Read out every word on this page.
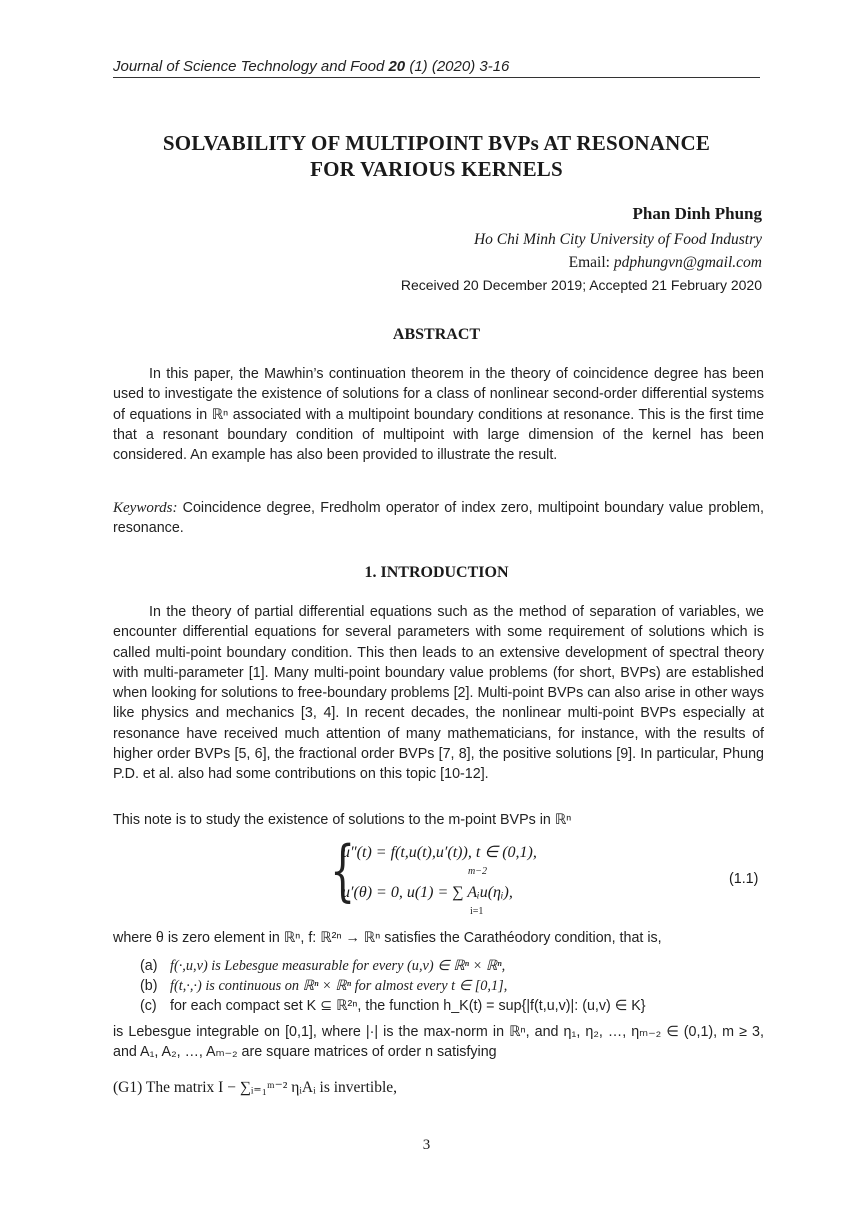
Journal of Science Technology and Food 20 (1) (2020) 3-16
SOLVABILITY OF MULTIPOINT BVPs AT RESONANCE
FOR VARIOUS KERNELS
Phan Dinh Phung
Ho Chi Minh City University of Food Industry
Email: pdphungvn@gmail.com
Received 20 December 2019; Accepted 21 February 2020
ABSTRACT
In this paper, the Mawhin’s continuation theorem in the theory of coincidence degree has been used to investigate the existence of solutions for a class of nonlinear second-order differential systems of equations in ℝⁿ associated with a multipoint boundary conditions at resonance. This is the first time that a resonant boundary condition of multipoint with large dimension of the kernel has been considered. An example has also been provided to illustrate the result.
Keywords: Coincidence degree, Fredholm operator of index zero, multipoint boundary value problem, resonance.
1. INTRODUCTION
In the theory of partial differential equations such as the method of separation of variables, we encounter differential equations for several parameters with some requirement of solutions which is called multi-point boundary condition. This then leads to an extensive development of spectral theory with multi-parameter [1]. Many multi-point boundary value problems (for short, BVPs) are established when looking for solutions to free-boundary problems [2]. Multi-point BVPs can also arise in other ways like physics and mechanics [3, 4]. In recent decades, the nonlinear multi-point BVPs especially at resonance have received much attention of many mathematicians, for instance, with the results of higher order BVPs [5, 6], the fractional order BVPs [7, 8], the positive solutions [9]. In particular, Phung P.D. et al. also had some contributions on this topic [10-12].
This note is to study the existence of solutions to the m-point BVPs in ℝⁿ
{
u″(t) = f(t,u(t),u′(t)), t ∈ (0,1),
m−2
u′(θ) = 0, u(1) = ∑ Aᵢu(ηᵢ),
i=1
(1.1)
where θ is zero element in ℝⁿ, f: ℝ²ⁿ → ℝⁿ satisfies the Carathéodory condition, that is,
(a) f(·,u,v) is Lebesgue measurable for every (u,v) ∈ ℝⁿ × ℝⁿ,
(b) f(t,·,·) is continuous on ℝⁿ × ℝⁿ for almost every t ∈ [0,1],
(c) for each compact set K ⊆ ℝ²ⁿ, the function h_K(t) = sup{|f(t,u,v)|: (u,v) ∈ K}
is Lebesgue integrable on [0,1], where |·| is the max-norm in ℝⁿ, and η₁, η₂, …, ηₘ₋₂ ∈ (0,1), m ≥ 3, and A₁, A₂, …, Aₘ₋₂ are square matrices of order n satisfying
(G1) The matrix I − ∑ᵢ₌₁ᵐ⁻² ηᵢAᵢ is invertible,
3
